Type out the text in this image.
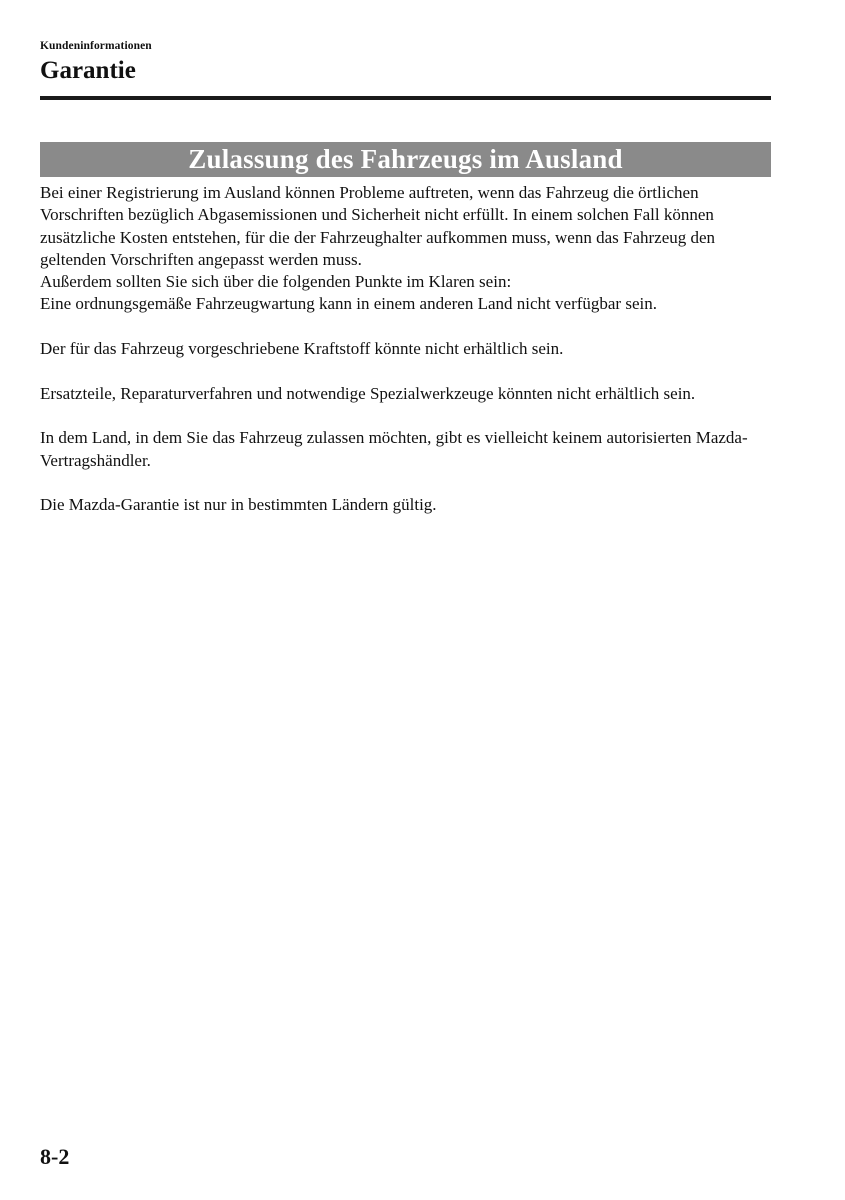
Kundeninformationen
Garantie
Zulassung des Fahrzeugs im Ausland

Bei einer Registrierung im Ausland können Probleme auftreten, wenn das Fahrzeug die örtlichen Vorschriften bezüglich Abgasemissionen und Sicherheit nicht erfüllt. In einem solchen Fall können zusätzliche Kosten entstehen, für die der Fahrzeughalter aufkommen muss, wenn das Fahrzeug den geltenden Vorschriften angepasst werden muss.

Außerdem sollten Sie sich über die folgenden Punkte im Klaren sein:

Eine ordnungsgemäße Fahrzeugwartung kann in einem anderen Land nicht verfügbar sein.

Der für das Fahrzeug vorgeschriebene Kraftstoff könnte nicht erhältlich sein.

Ersatzteile, Reparaturverfahren und notwendige Spezialwerkzeuge könnten nicht erhältlich sein.

In dem Land, in dem Sie das Fahrzeug zulassen möchten, gibt es vielleicht keinem autorisierten Mazda-Vertragshändler.

Die Mazda-Garantie ist nur in bestimmten Ländern gültig.

8-2
